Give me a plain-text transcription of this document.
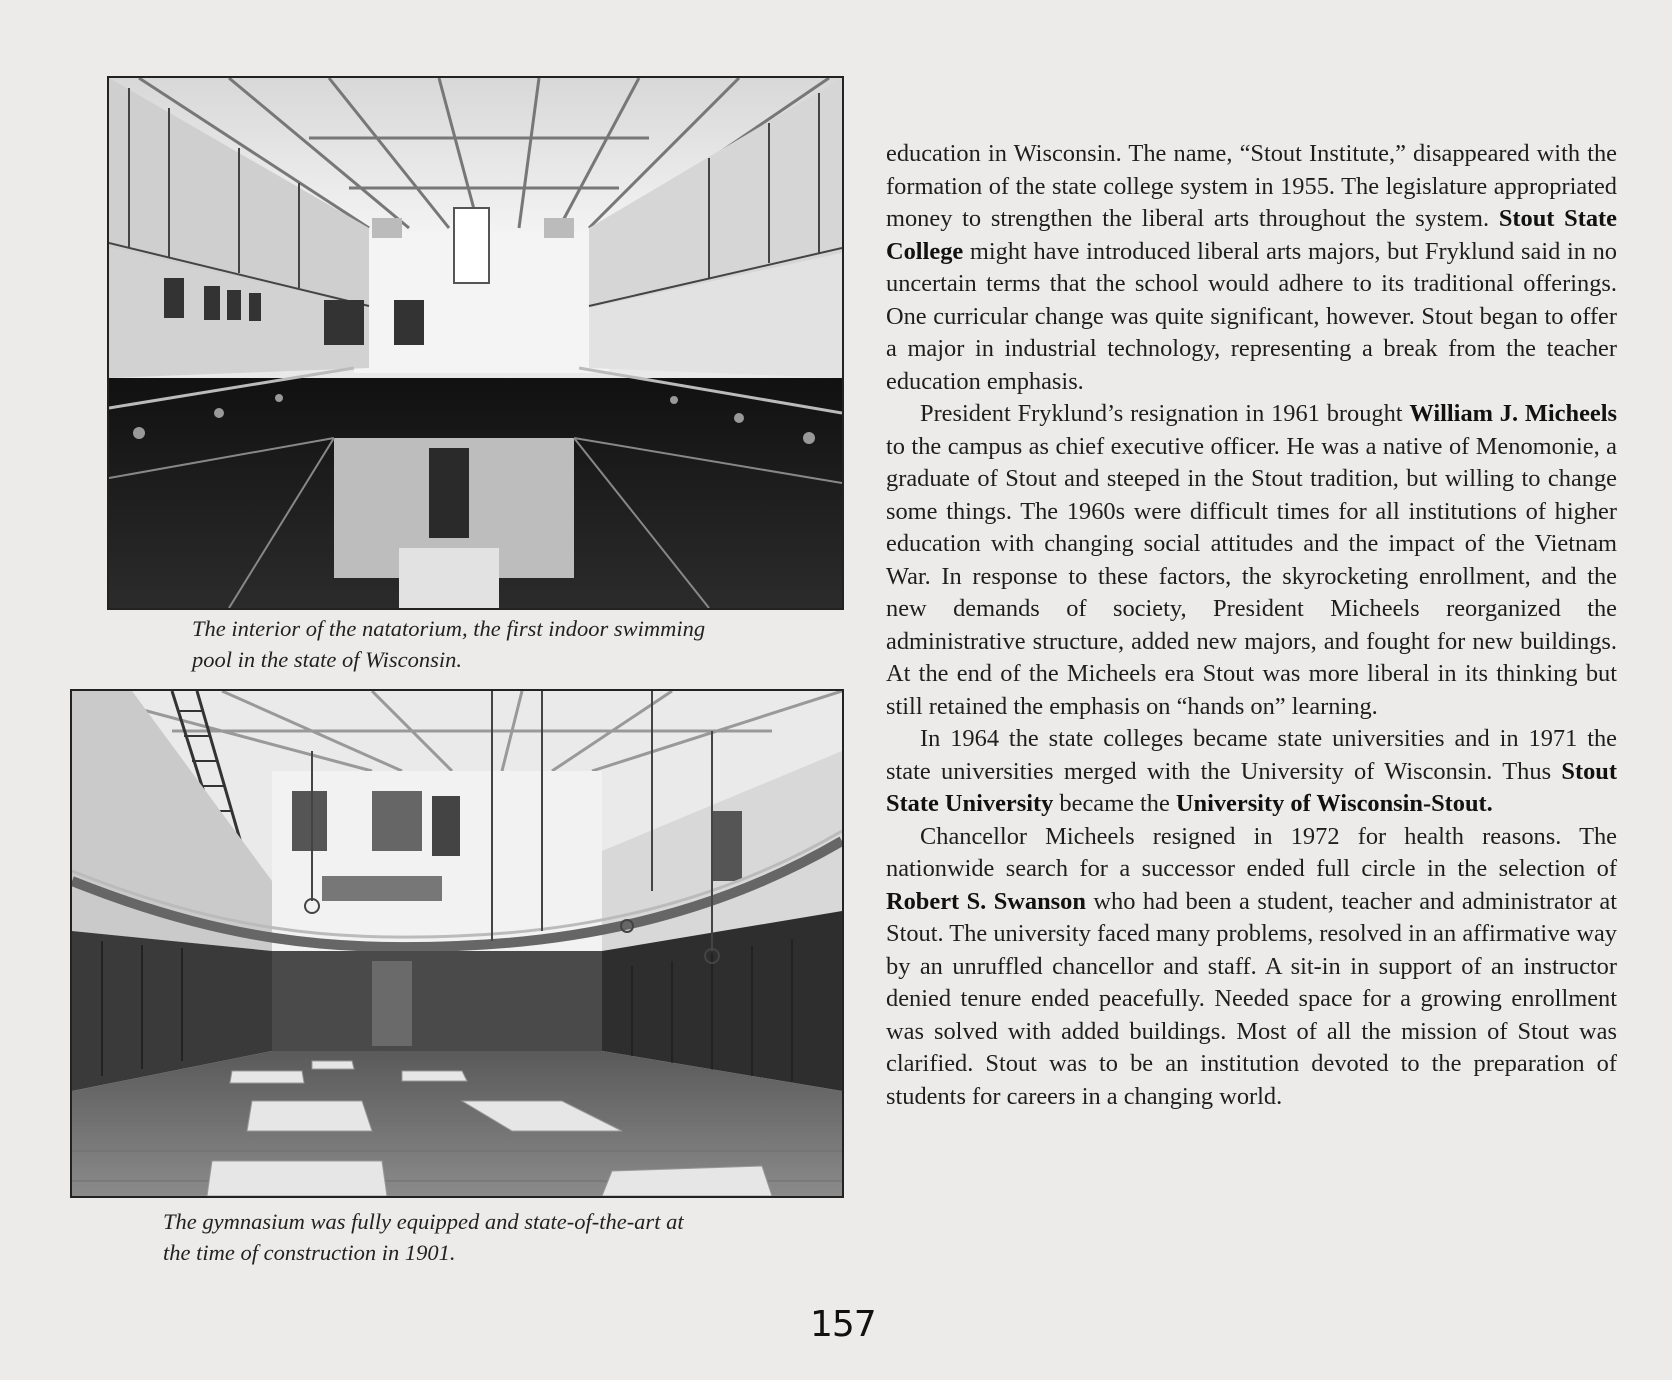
The interior of the natatorium, the first indoor swimming
pool in the state of Wisconsin.
The gymnasium was fully equipped and state-of-the-art at
the time of construction in 1901.

education in Wisconsin. The name, “Stout Institute,” disappeared with the formation of the state college system in 1955. The legislature appropriated money to strengthen the liberal arts throughout the system. Stout State College might have introduced liberal arts majors, but Fryklund said in no uncertain terms that the school would adhere to its traditional offerings. One curricular change was quite significant, however. Stout began to offer a major in industrial technology, representing a break from the teacher education emphasis.

President Fryklund’s resignation in 1961 brought William J. Micheels to the campus as chief executive officer. He was a native of Menomonie, a graduate of Stout and steeped in the Stout tradition, but willing to change some things. The 1960s were difficult times for all institutions of higher education with changing social attitudes and the impact of the Vietnam War. In response to these factors, the skyrocketing enrollment, and the new demands of society, President Micheels reorganized the administrative structure, added new majors, and fought for new buildings. At the end of the Micheels era Stout was more liberal in its thinking but still retained the emphasis on “hands on” learning.

In 1964 the state colleges became state universities and in 1971 the state universities merged with the University of Wisconsin. Thus Stout State University became the University of Wisconsin-Stout.

Chancellor Micheels resigned in 1972 for health reasons. The nationwide search for a successor ended full circle in the selection of Robert S. Swanson who had been a student, teacher and administrator at Stout. The university faced many problems, resolved in an affirmative way by an unruffled chancellor and staff. A sit-in in support of an instructor denied tenure ended peacefully. Needed space for a growing enrollment was solved with added buildings. Most of all the mission of Stout was clarified. Stout was to be an institution devoted to the preparation of students for careers in a changing world.

157
